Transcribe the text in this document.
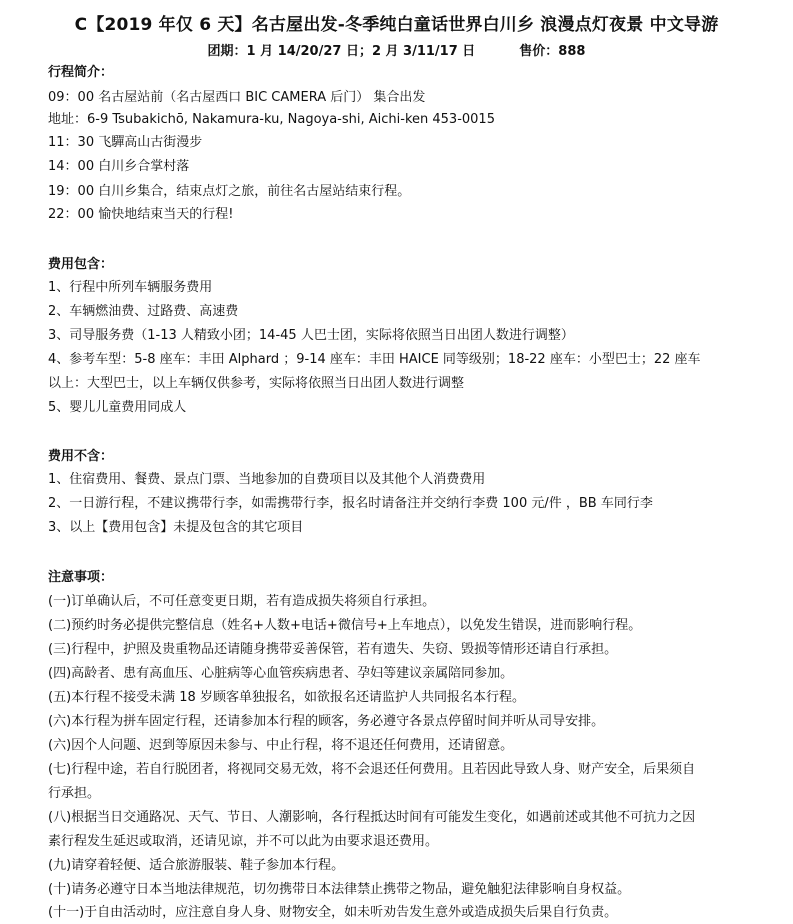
C【2019 年仅 6 天】名古屋出发-冬季纯白童话世界白川乡 浪漫点灯夜景 中文导游
团期：1 月 14/20/27 日；2 月 3/11/17 日	售价：888
行程简介：
09：00 名古屋站前（名古屋西口 BIC CAMERA 后门） 集合出发
地址：6-9 Tsubakichō, Nakamura-ku, Nagoya-shi, Aichi-ken 453-0015
11：30 飞驒高山古街漫步
14：00 白川乡合掌村落
19：00 白川乡集合，结束点灯之旅，前往名古屋站结束行程。
22：00 愉快地结束当天的行程!
费用包含：
1、行程中所列车辆服务费用
2、车辆燃油费、过路费、高速费
3、司导服务费（1-13 人精致小团；14-45 人巴士团，实际将依照当日出团人数进行调整）
4、参考车型：5-8 座车：丰田 Alphard ；9-14 座车：丰田 HAICE 同等级别；18-22 座车：小型巴士；22 座车
以上：大型巴士，以上车辆仅供参考，实际将依照当日出团人数进行调整
5、婴儿儿童费用同成人
费用不含：
1、住宿费用、餐费、景点门票、当地参加的自费项目以及其他个人消费费用
2、一日游行程，不建议携带行李，如需携带行李，报名时请备注并交纳行李费 100 元/件 ，BB 车同行李
3、以上【费用包含】未提及包含的其它项目
注意事项：
(一)订单确认后，不可任意变更日期，若有造成损失将须自行承担。
(二)预约时务必提供完整信息（姓名+人数+电话+微信号+上车地点），以免发生错误，进而影响行程。
(三)行程中，护照及贵重物品还请随身携带妥善保管，若有遗失、失窃、毁损等情形还请自行承担。
(四)高龄者、患有高血压、心脏病等心血管疾病患者、孕妇等建议亲属陪同参加。
(五)本行程不接受未满 18 岁顾客单独报名，如欲报名还请监护人共同报名本行程。
(六)本行程为拼车固定行程，还请参加本行程的顾客，务必遵守各景点停留时间并听从司导安排。
(六)因个人问题、迟到等原因未参与、中止行程，将不退还任何费用，还请留意。
(七)行程中途，若自行脱团者，将视同交易无效，将不会退还任何费用。且若因此导致人身、财产安全，后果须自
行承担。
(八)根据当日交通路况、天气、节日、人潮影响，各行程抵达时间有可能发生变化，如遇前述或其他不可抗力之因
素行程发生延迟或取消，还请见谅，并不可以此为由要求退还费用。
(九)请穿着轻便、适合旅游服装、鞋子参加本行程。
(十)请务必遵守日本当地法律规范，切勿携带日本法律禁止携带之物品，避免触犯法律影响自身权益。
(十一)于自由活动时，应注意自身人身、财物安全，如未听劝告发生意外或造成损失后果自行负责。
